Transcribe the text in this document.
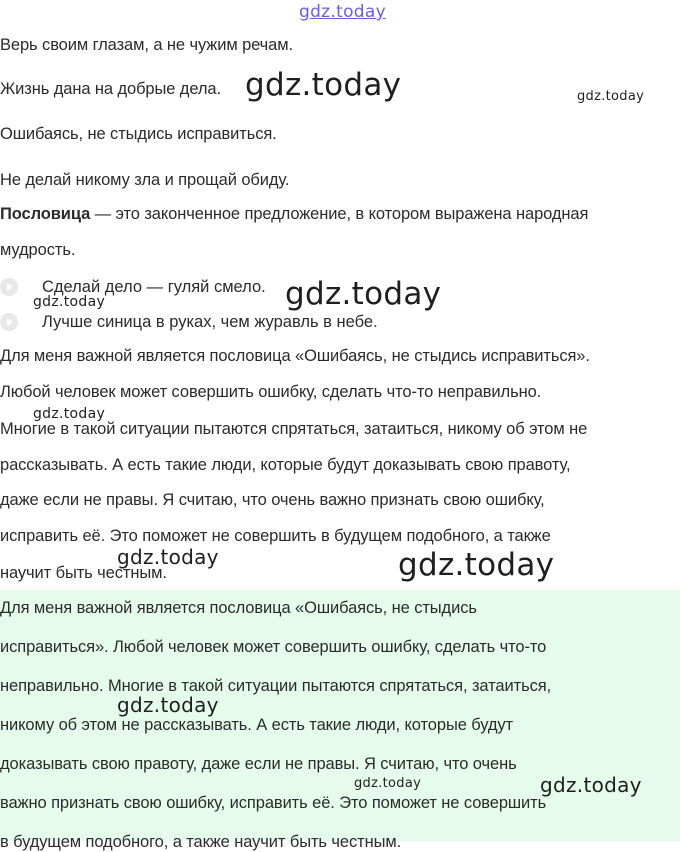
Верь своим глазам, а не чужим речам.
Жизнь дана на добрые дела.
Ошибаясь, не стыдись исправиться.
Не делай никому зла и прощай обиду.
Пословица — это законченное предложение, в котором выражена народная
мудрость.
Сделай дело — гуляй смело.
Лучше синица в руках, чем журавль в небе.
Для меня важной является пословица «Ошибаясь, не стыдись исправиться».
Любой человек может совершить ошибку, сделать что-то неправильно.
Многие в такой ситуации пытаются спрятаться, затаиться, никому об этом не
рассказывать. А есть такие люди, которые будут доказывать свою правоту,
даже если не правы. Я считаю, что очень важно признать свою ошибку,
исправить её. Это поможет не совершить в будущем подобного, а также
научит быть честным.
Для меня важной является пословица «Ошибаясь, не стыдись
исправиться». Любой человек может совершить ошибку, сделать что-то
неправильно. Многие в такой ситуации пытаются спрятаться, затаиться,
никому об этом не рассказывать. А есть такие люди, которые будут
доказывать свою правоту, даже если не правы. Я считаю, что очень
важно признать свою ошибку, исправить её. Это поможет не совершить
в будущем подобного, а также научит быть честным.
gdz.today
gdz.today	gdz.today
gdz.today
gdz.today
gdz.today
gdz.today	gdz.today
gdz.today
gdz.today	gdz.today
